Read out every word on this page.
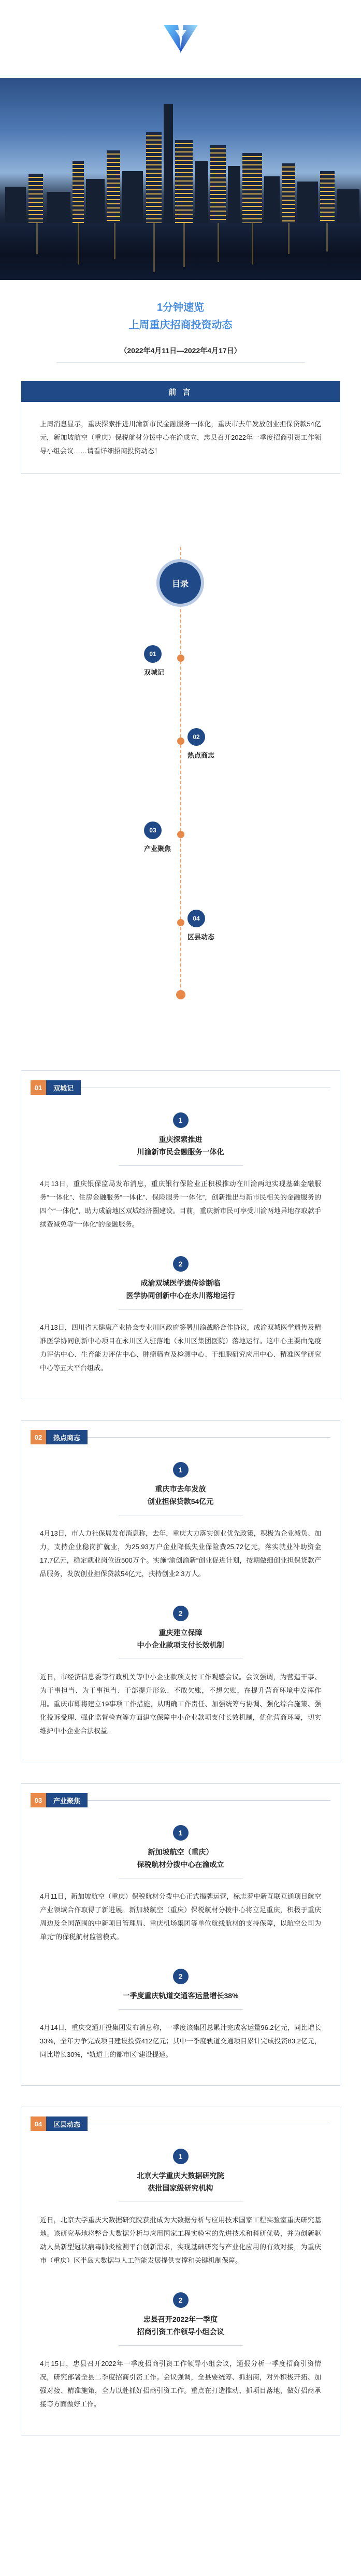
1分钟速览
上周重庆招商投资动态
（2022年4月11日—2022年4月17日）
前 言
上周消息显示，重庆探索推进川渝新市民金融服务一体化，重庆市去年发放创业担保贷款54亿元，新加坡航空（重庆）保税航材分拨中心在渝成立，忠县召开2022年一季度招商引资工作领导小组会议……请看详细招商投资动态！
目录
01
双城记
02
热点商志
03
产业聚焦
04
区县动态
01	双城记
1
重庆探索推进
川渝新市民金融服务一体化
4月13日，重庆银保监局发布消息，重庆银行保险业正积极推动在川渝两地实现基础金融服务“一体化”、住房金融服务“一体化”、保险服务“一体化”，创新推出与新市民相关的金融服务的四个“一体化”，助力成渝地区双城经济圈建设。目前，重庆新市民可享受川渝两地异地存取款手续费减免等“一体化”的金融服务。
2
成渝双城医学遗传诊断临
医学协同创新中心在永川落地运行
4月13日，四川省大健康产业协会专业川区政府签署川渝战略合作协议，成渝双城医学遗传及精准医学协同创新中心项目在永川区入驻落地（永川区集团医院）落地运行。这中心主要由免疫力评估中心、生育能力评估中心、肿瘤筛查及检测中心、干细胞研究应用中心、精准医学研究中心等五大平台组成。
02	热点商志
1
重庆市去年发放
创业担保贷款54亿元
4月13日，市人力社保局发布消息称，去年，重庆大力落实创业优先政策，积极为企业减负、加力，支持企业稳岗扩就业，为25.93万户企业降低失业保险费25.72亿元，落实就业补助资金17.7亿元，稳定就业岗位近500万个。实施“渝创渝新”创业促进计划，按期做细创业担保贷款产品服务，发放创业担保贷款54亿元，扶持创业2.3万人。
2
重庆建立保障
中小企业款项支付长效机制
近日，市经济信息委等行政机关等中小企业款项支付工作观感会议。会议强调，为营造干事、为干事担当、为干事担当、干部提升形象、不敢欠账，不想欠账，在提升营商环境中发挥作用。重庆市即将建立19事项工作措施，从明确工作责任、加强统筹与协调、强化综合施策、强化投诉受理、强化监督检查等方面建立保障中小企业款项支付长效机制，优化营商环境，切实维护中小企业合法权益。
03	产业聚焦
1
新加坡航空（重庆）
保税航材分拨中心在渝成立
4月11日，新加坡航空（重庆）保税航材分拨中心正式揭牌运营，标志着中新互联互通项目航空产业领域合作取得了新进展。新加坡航空（重庆）保税航材分拨中心将立足重庆，积极于重庆周边及全国范围的中新项目管理局、重庆机场集团等单位航线航材的支持保障，以航空公司为单元“的保税航材监管模式。
2
一季度重庆轨道交通客运量增长38%
4月14日，重庆交通开投集团发布消息称，一季度该集团总累计完成客运量96.2亿元，同比增长33%，全年力争完成项目建设投资412亿元；其中一季度轨道交通项目累计完成投资83.2亿元，同比增长30%，“轨道上的都市区”建设提速。
04	区县动态
1
北京大学重庆大数据研究院
获批国家级研究机构
近日，北京大学重庆大数据研究院获批成为大数据分析与应用技术国家工程实验室重庆研究基地。该研究基地将整合大数据分析与应用国家工程实验室的先进技术和科研优势，并为创新驱动人员新型冠状病毒肺炎检测平台创新需求，实现基础研究与产业化应用的有效对接，为重庆市（重庆）区半岛大数据与人工智能发展提供支撑和关键机制保障。
2
忠县召开2022年一季度
招商引资工作领导小组会议
4月15日，忠县召开2022年一季度招商引资工作领导小组会议，通报分析一季度招商引资情况，研究部署全县二季度招商引资工作。会议强调，全县要统筹、抓招商，对外积极开拓、加强对接、精准施策，全力以赴抓好招商引资工作。重点在打造推动、抓项目落地，做好招商承接等方面做好工作。
